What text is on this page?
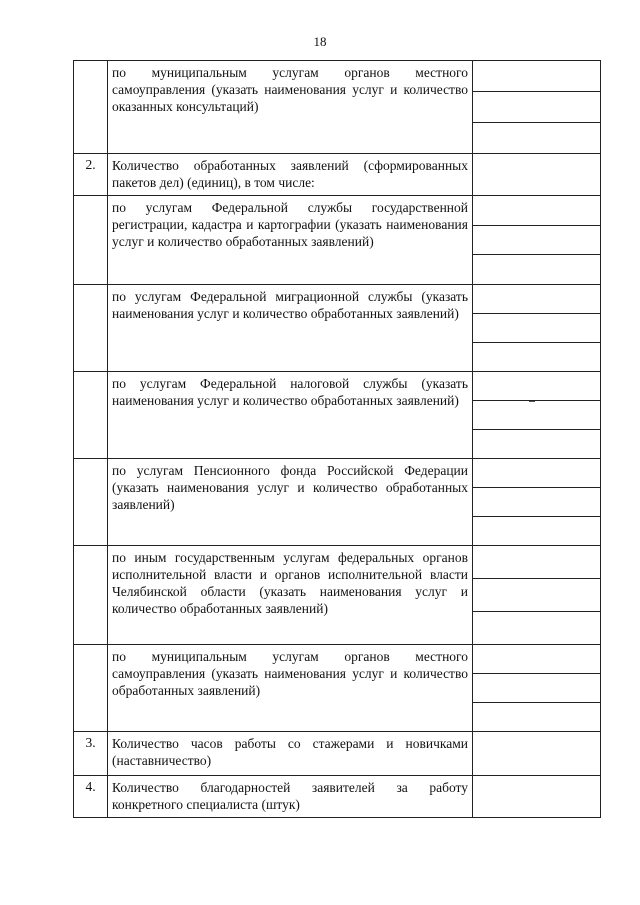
18
	по муниципальным услугам органов местного самоуправления (указать наименования услуг и количество оказанных консультаций)	

2.	Количество обработанных заявлений (сформированных пакетов дел) (единиц), в том числе:	
	по услугам Федеральной службы государственной регистрации, кадастра и картографии (указать наименования услуг и количество обработанных заявлений)	

	по услугам Федеральной миграционной службы (указать наименования услуг и количество обработанных заявлений)	

	по услугам Федеральной налоговой службы (указать наименования услуг и количество обработанных заявлений)	

	по услугам Пенсионного фонда Российской Федерации (указать наименования услуг и количество обработанных заявлений)	

	по иным государственным услугам федеральных органов исполнительной власти и органов исполнительной власти Челябинской области (указать наименования услуг и количество обработанных заявлений)	

	по муниципальным услугам органов местного самоуправления (указать наименования услуг и количество обработанных заявлений)	

3.	Количество часов работы со стажерами и новичками (наставничество)	
4.	Количество благодарностей заявителей за работу конкретного специалиста (штук)	
